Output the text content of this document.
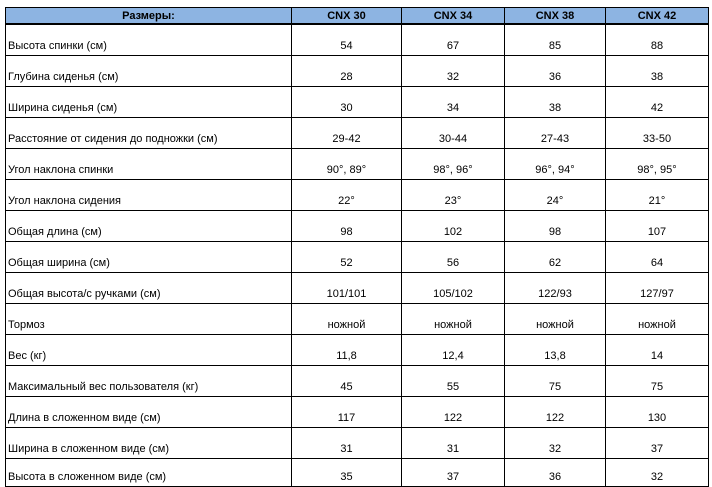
Размеры:	CNX 30	CNX 34	CNX 38	CNX 42
Высота спинки (см)	54	67	85	88
Глубина сиденья (см)	28	32	36	38
Ширина сиденья (см)	30	34	38	42
Расстояние от сидения до подножки (см)	29-42	30-44	27-43	33-50
Угол наклона спинки	90°, 89°	98°, 96°	96°, 94°	98°, 95°
Угол наклона сидения	22°	23°	24°	21°
Общая длина (см)	98	102	98	107
Общая ширина (см)	52	56	62	64
Общая высота/с ручками (см)	101/101	105/102	122/93	127/97
Тормоз	ножной	ножной	ножной	ножной
Вес (кг)	11,8	12,4	13,8	14
Максимальный вес пользователя (кг)	45	55	75	75
Длина в сложенном виде (см)	117	122	122	130
Ширина в сложенном виде (см)	31	31	32	37
Высота в сложенном виде (см)	35	37	36	32
